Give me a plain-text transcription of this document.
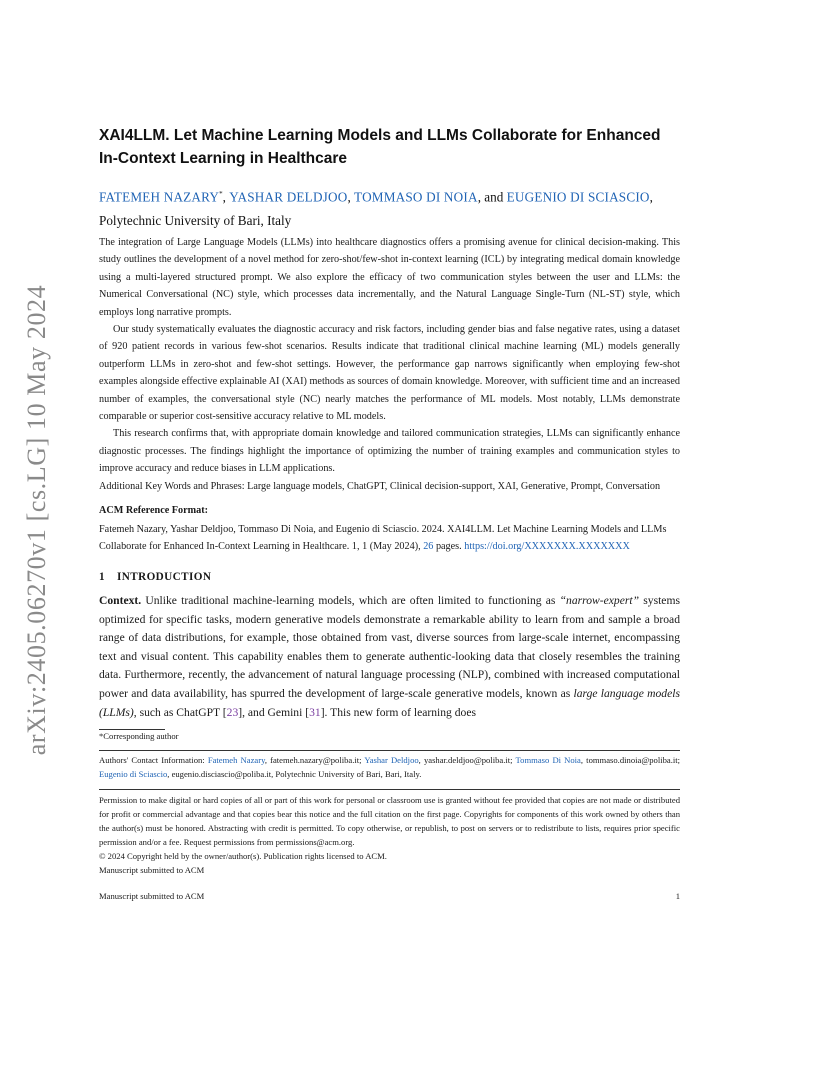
arXiv:2405.06270v1 [cs.LG] 10 May 2024
XAI4LLM. Let Machine Learning Models and LLMs Collaborate for Enhanced
In-Context Learning in Healthcare
FATEMEH NAZARY*, YASHAR DELDJOO, TOMMASO DI NOIA, and EUGENIO DI SCIASCIO, Polytechnic University of Bari, Italy

The integration of Large Language Models (LLMs) into healthcare diagnostics offers a promising avenue for clinical decision-making. This study outlines the development of a novel method for zero-shot/few-shot in-context learning (ICL) by integrating medical domain knowledge using a multi-layered structured prompt. We also explore the efficacy of two communication styles between the user and LLMs: the Numerical Conversational (NC) style, which processes data incrementally, and the Natural Language Single-Turn (NL-ST) style, which employs long narrative prompts.

Our study systematically evaluates the diagnostic accuracy and risk factors, including gender bias and false negative rates, using a dataset of 920 patient records in various few-shot scenarios. Results indicate that traditional clinical machine learning (ML) models generally outperform LLMs in zero-shot and few-shot settings. However, the performance gap narrows significantly when employing few-shot examples alongside effective explainable AI (XAI) methods as sources of domain knowledge. Moreover, with sufficient time and an increased number of examples, the conversational style (NC) nearly matches the performance of ML models. Most notably, LLMs demonstrate comparable or superior cost-sensitive accuracy relative to ML models.

This research confirms that, with appropriate domain knowledge and tailored communication strategies, LLMs can significantly enhance diagnostic processes. The findings highlight the importance of optimizing the number of training examples and communication styles to improve accuracy and reduce biases in LLM applications.

Additional Key Words and Phrases: Large language models, ChatGPT, Clinical decision-support, XAI, Generative, Prompt, Conversation
ACM Reference Format:
Fatemeh Nazary, Yashar Deldjoo, Tommaso Di Noia, and Eugenio di Sciascio. 2024. XAI4LLM. Let Machine Learning Models and LLMs Collaborate for Enhanced In-Context Learning in Healthcare. 1, 1 (May 2024), 26 pages. https://doi.org/XXXXXXX.XXXXXXX
1 INTRODUCTION
Context. Unlike traditional machine-learning models, which are often limited to functioning as “narrow-expert” systems optimized for specific tasks, modern generative models demonstrate a remarkable ability to learn from and sample a broad range of data distributions, for example, those obtained from vast, diverse sources from large-scale internet, encompassing text and visual content. This capability enables them to generate authentic-looking data that closely resembles the training data. Furthermore, recently, the advancement of natural language processing (NLP), combined with increased computational power and data availability, has spurred the development of large-scale generative models, known as large language models (LLMs), such as ChatGPT [23], and Gemini [31]. This new form of learning does
*Corresponding author
Authors' Contact Information: Fatemeh Nazary, fatemeh.nazary@poliba.it; Yashar Deldjoo, yashar.deldjoo@poliba.it; Tommaso Di Noia, tommaso.dinoia@poliba.it; Eugenio di Sciascio, eugenio.disciascio@poliba.it, Polytechnic University of Bari, Bari, Italy.
Permission to make digital or hard copies of all or part of this work for personal or classroom use is granted without fee provided that copies are not made or distributed for profit or commercial advantage and that copies bear this notice and the full citation on the first page. Copyrights for components of this work owned by others than the author(s) must be honored. Abstracting with credit is permitted. To copy otherwise, or republish, to post on servers or to redistribute to lists, requires prior specific permission and/or a fee. Request permissions from permissions@acm.org.
© 2024 Copyright held by the owner/author(s). Publication rights licensed to ACM.
Manuscript submitted to ACM
Manuscript submitted to ACM	1
